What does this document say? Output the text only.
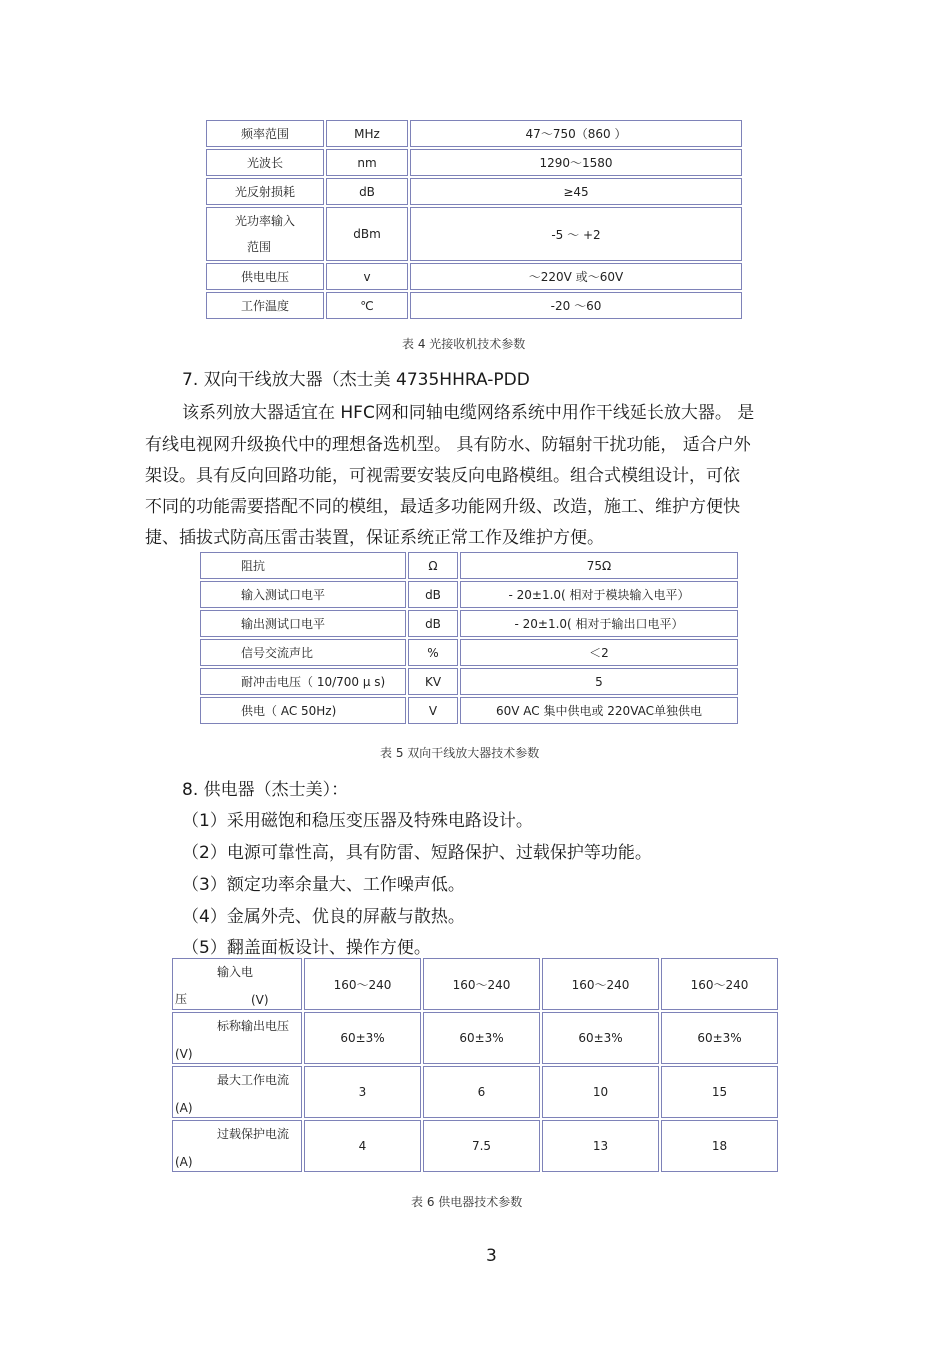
频率范围	MHz	47～750（860 ）
光波长	nm	1290～1580
光反射损耗	dB	≥45

光功率输入
范围	dBm	-5 ～ +2
供电电压	v	～220V 或～60V
工作温度	℃	-20 ～60
表 4 光接收机技术参数
7. 双向干线放大器（杰士美 4735HHRA-PDD
该系列放大器适宜在 HFC网和同轴电缆网络系统中用作干线延长放大器。 是
有线电视网升级换代中的理想备选机型。 具有防水、防辐射干扰功能， 适合户外
架设。具有反向回路功能，可视需要安装反向电路模组。组合式模组设计，可依
不同的功能需要搭配不同的模组，最适多功能网升级、改造，施工、维护方便快
捷、插拔式防高压雷击装置，保证系统正常工作及维护方便。
阻抗	Ω	75Ω
输入测试口电平	dB	- 20±1.0( 相对于模块输入电平）
输出测试口电平	dB	- 20±1.0( 相对于输出口电平）
信号交流声比	%	＜2
耐冲击电压（ 10/700 μ s)	KV	5
供电（ AC 50Hz)	V	60V AC 集中供电或 220VAC单独供电
表 5 双向干线放大器技术参数
8. 供电器（杰士美）：
（1）采用磁饱和稳压变压器及特殊电路设计。
（2）电源可靠性高，具有防雷、短路保护、过载保护等功能。
（3）额定功率余量大、工作噪声低。
（4）金属外壳、优良的屏蔽与散热。
（5）翻盖面板设计、操作方便。
输入电
压 (V)	160～240	160～240	160～240	160～240

标称输出电压
(V)	60±3%	60±3%	60±3%	60±3%

最大工作电流
(A)	3	6	10	15

过载保护电流
(A)	4	7.5	13	18
表 6 供电器技术参数
3
